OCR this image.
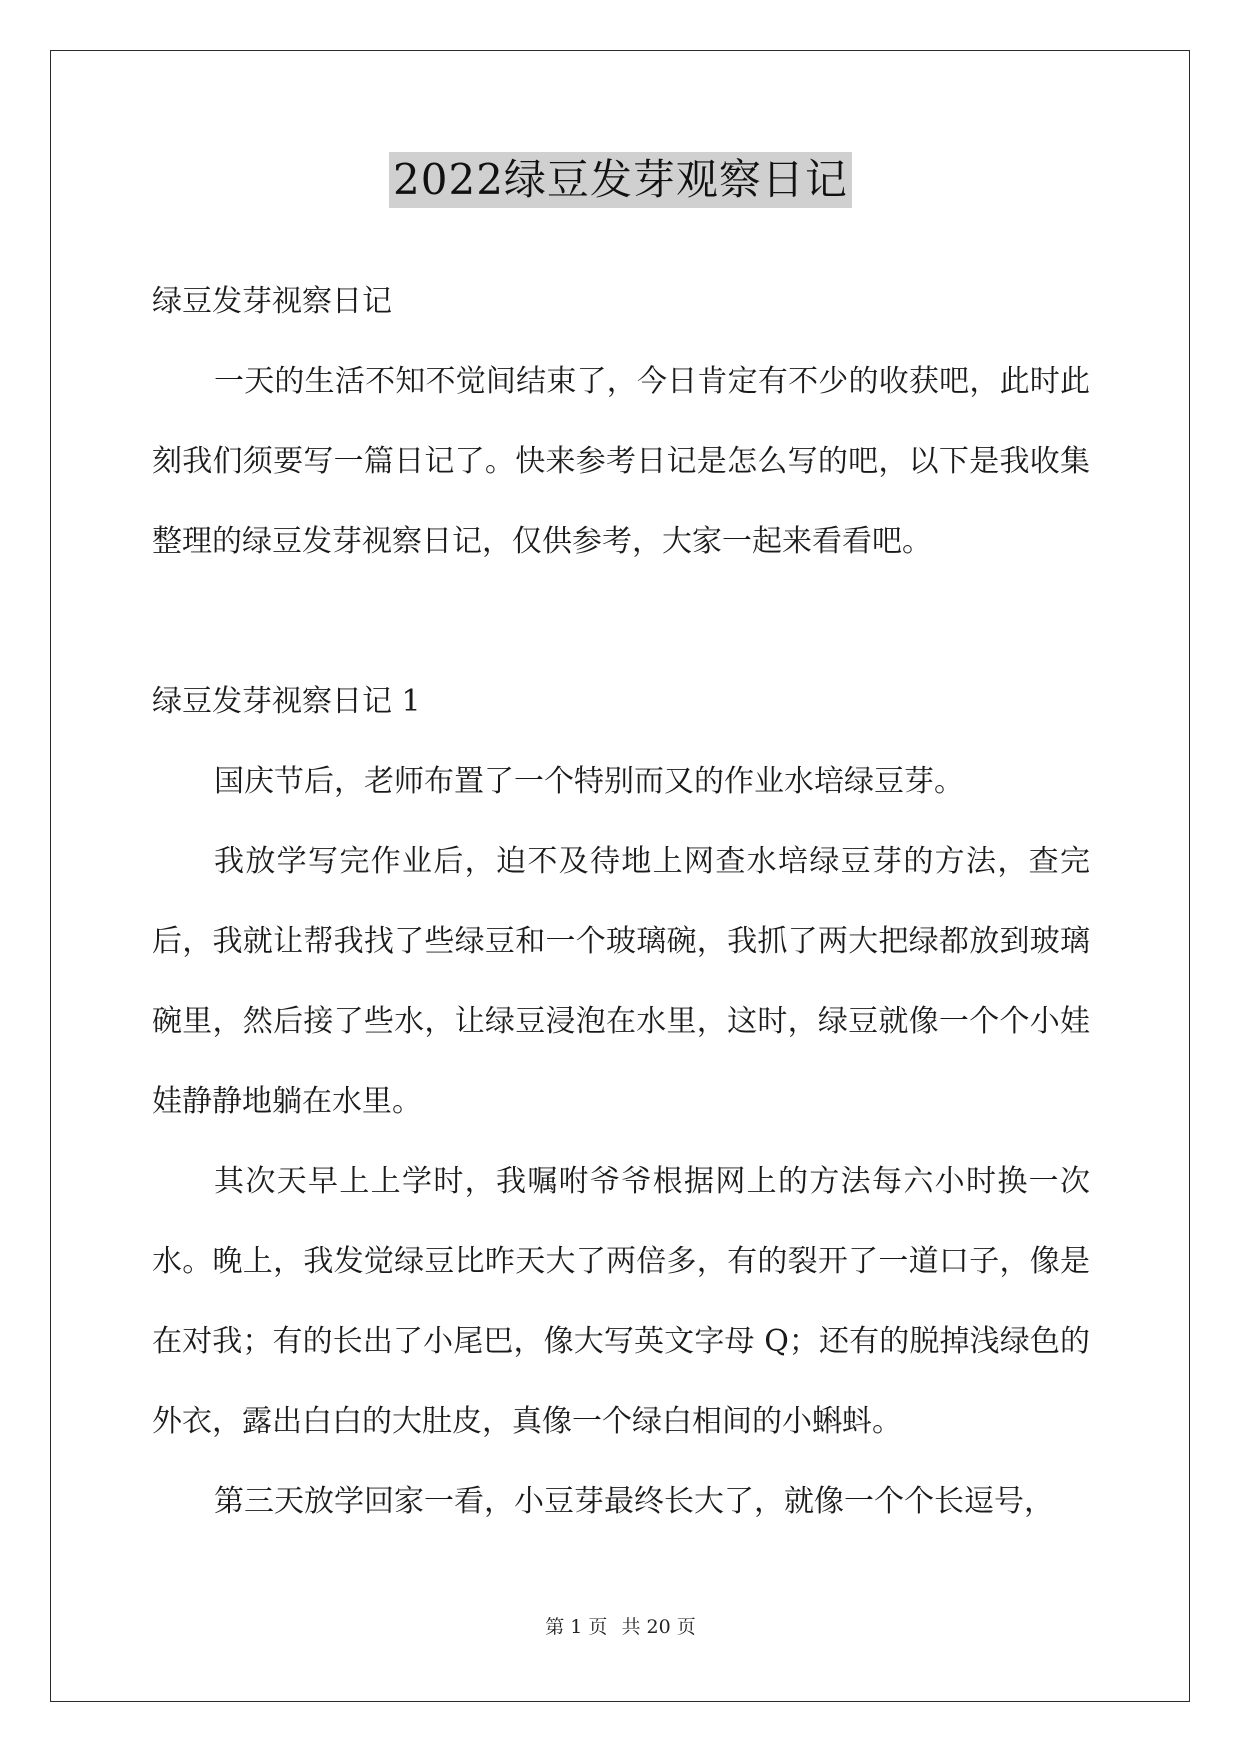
2022绿豆发芽观察日记

绿豆发芽视察日记

一天的生活不知不觉间结束了，今日肯定有不少的收获吧，此时此刻我们须要写一篇日记了。快来参考日记是怎么写的吧，以下是我收集整理的绿豆发芽视察日记，仅供参考，大家一起来看看吧。

绿豆发芽视察日记 1

国庆节后，老师布置了一个特别而又的作业水培绿豆芽。

我放学写完作业后，迫不及待地上网查水培绿豆芽的方法，查完后，我就让帮我找了些绿豆和一个玻璃碗，我抓了两大把绿都放到玻璃碗里，然后接了些水，让绿豆浸泡在水里，这时，绿豆就像一个个小娃娃静静地躺在水里。

其次天早上上学时，我嘱咐爷爷根据网上的方法每六小时换一次水。晚上，我发觉绿豆比昨天大了两倍多，有的裂开了一道口子，像是在对我；有的长出了小尾巴，像大写英文字母 Q；还有的脱掉浅绿色的外衣，露出白白的大肚皮，真像一个绿白相间的小蝌蚪。

第三天放学回家一看，小豆芽最终长大了，就像一个个长逗号，

第 1 页 共 20 页
